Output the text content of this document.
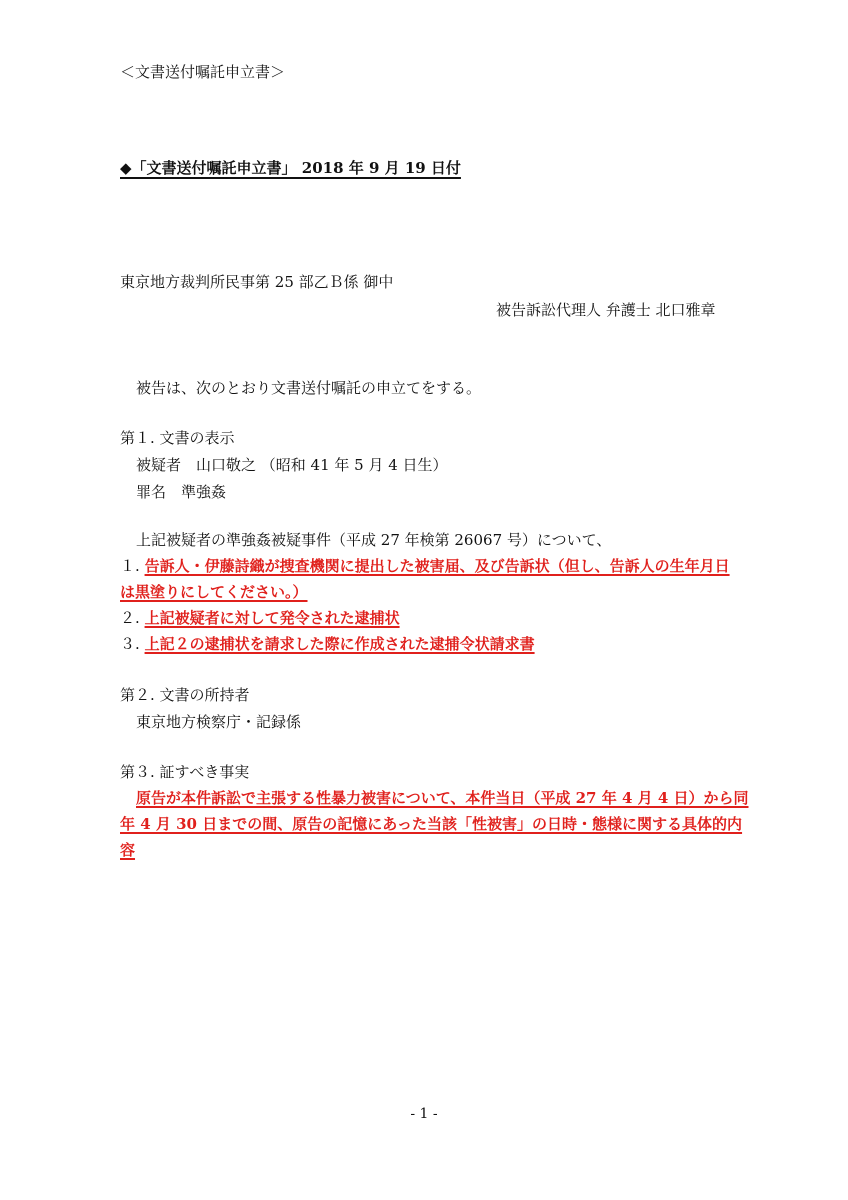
＜文書送付嘱託申立書＞
◆「文書送付嘱託申立書」 2018 年 9 月 19 日付
東京地方裁判所民事第 25 部乙Ｂ係 御中
被告訴訟代理人 弁護士 北口雅章
被告は、次のとおり文書送付嘱託の申立てをする。
第１. 文書の表示
被疑者　山口敬之 （昭和 41 年 5 月 4 日生）
罪名　準強姦
上記被疑者の準強姦被疑事件（平成 27 年検第 26067 号）について、
１. 告訴人・伊藤詩織が捜査機関に提出した被害届、及び告訴状（但し、告訴人の生年月日
は黒塗りにしてください。）
２. 上記被疑者に対して発令された逮捕状
３. 上記２の逮捕状を請求した際に作成された逮捕令状請求書
第２. 文書の所持者
東京地方検察庁・記録係
第３. 証すべき事実
原告が本件訴訟で主張する性暴力被害について、本件当日（平成 27 年 4 月 4 日）から同
年 4 月 30 日までの間、原告の記憶にあった当該「性被害」の日時・態様に関する具体的内
容
- 1 -
